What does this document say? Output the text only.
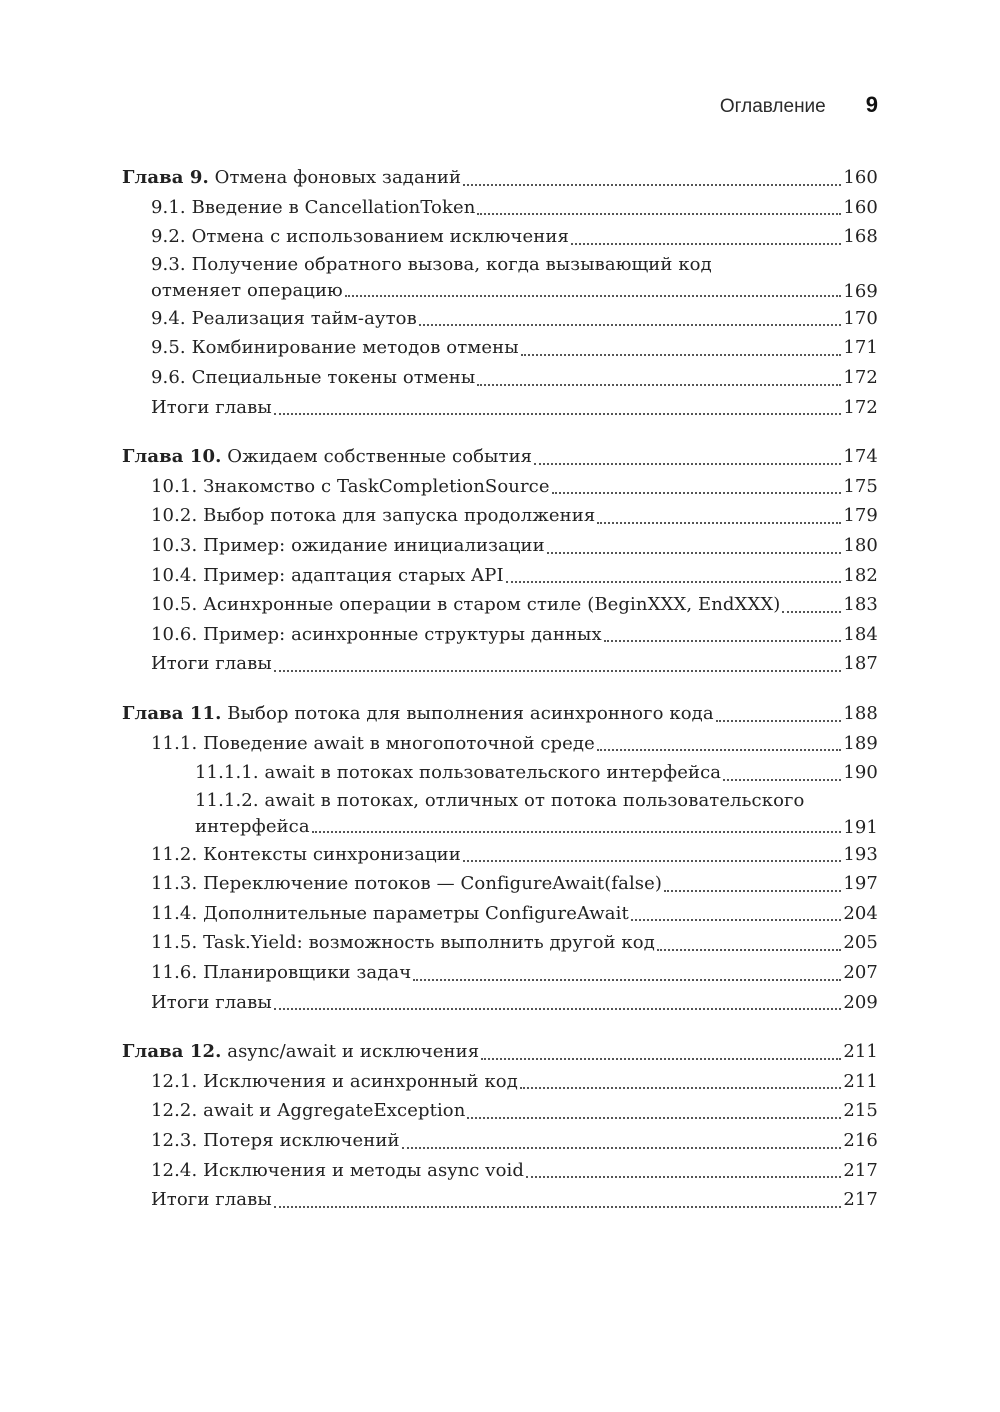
Оглавление 9
Глава 9. Отмена фоновых заданий	160
9.1. Введение в CancellationToken	160
9.2. Отмена с использованием исключения	168
9.3. Получение обратного вызова, когда вызывающий код
отменяет операцию	169
9.4. Реализация тайм-аутов	170
9.5. Комбинирование методов отмены	171
9.6. Специальные токены отмены	172
Итоги главы	172
Глава 10. Ожидаем собственные события	174
10.1. Знакомство с TaskCompletionSource	175
10.2. Выбор потока для запуска продолжения	179
10.3. Пример: ожидание инициализации	180
10.4. Пример: адаптация старых API	182
10.5. Асинхронные операции в старом стиле (BeginXXX, EndXXX)	183
10.6. Пример: асинхронные структуры данных	184
Итоги главы	187
Глава 11. Выбор потока для выполнения асинхронного кода	188
11.1. Поведение await в многопоточной среде	189
11.1.1. await в потоках пользовательского интерфейса	190
11.1.2. await в потоках, отличных от потока пользовательского
интерфейса	191
11.2. Контексты синхронизации	193
11.3. Переключение потоков — ConfigureAwait(false)	197
11.4. Дополнительные параметры ConfigureAwait	204
11.5. Task.Yield: возможность выполнить другой код	205
11.6. Планировщики задач	207
Итоги главы	209
Глава 12. async/await и исключения	211
12.1. Исключения и асинхронный код	211
12.2. await и AggregateException	215
12.3. Потеря исключений	216
12.4. Исключения и методы async void	217
Итоги главы	217
